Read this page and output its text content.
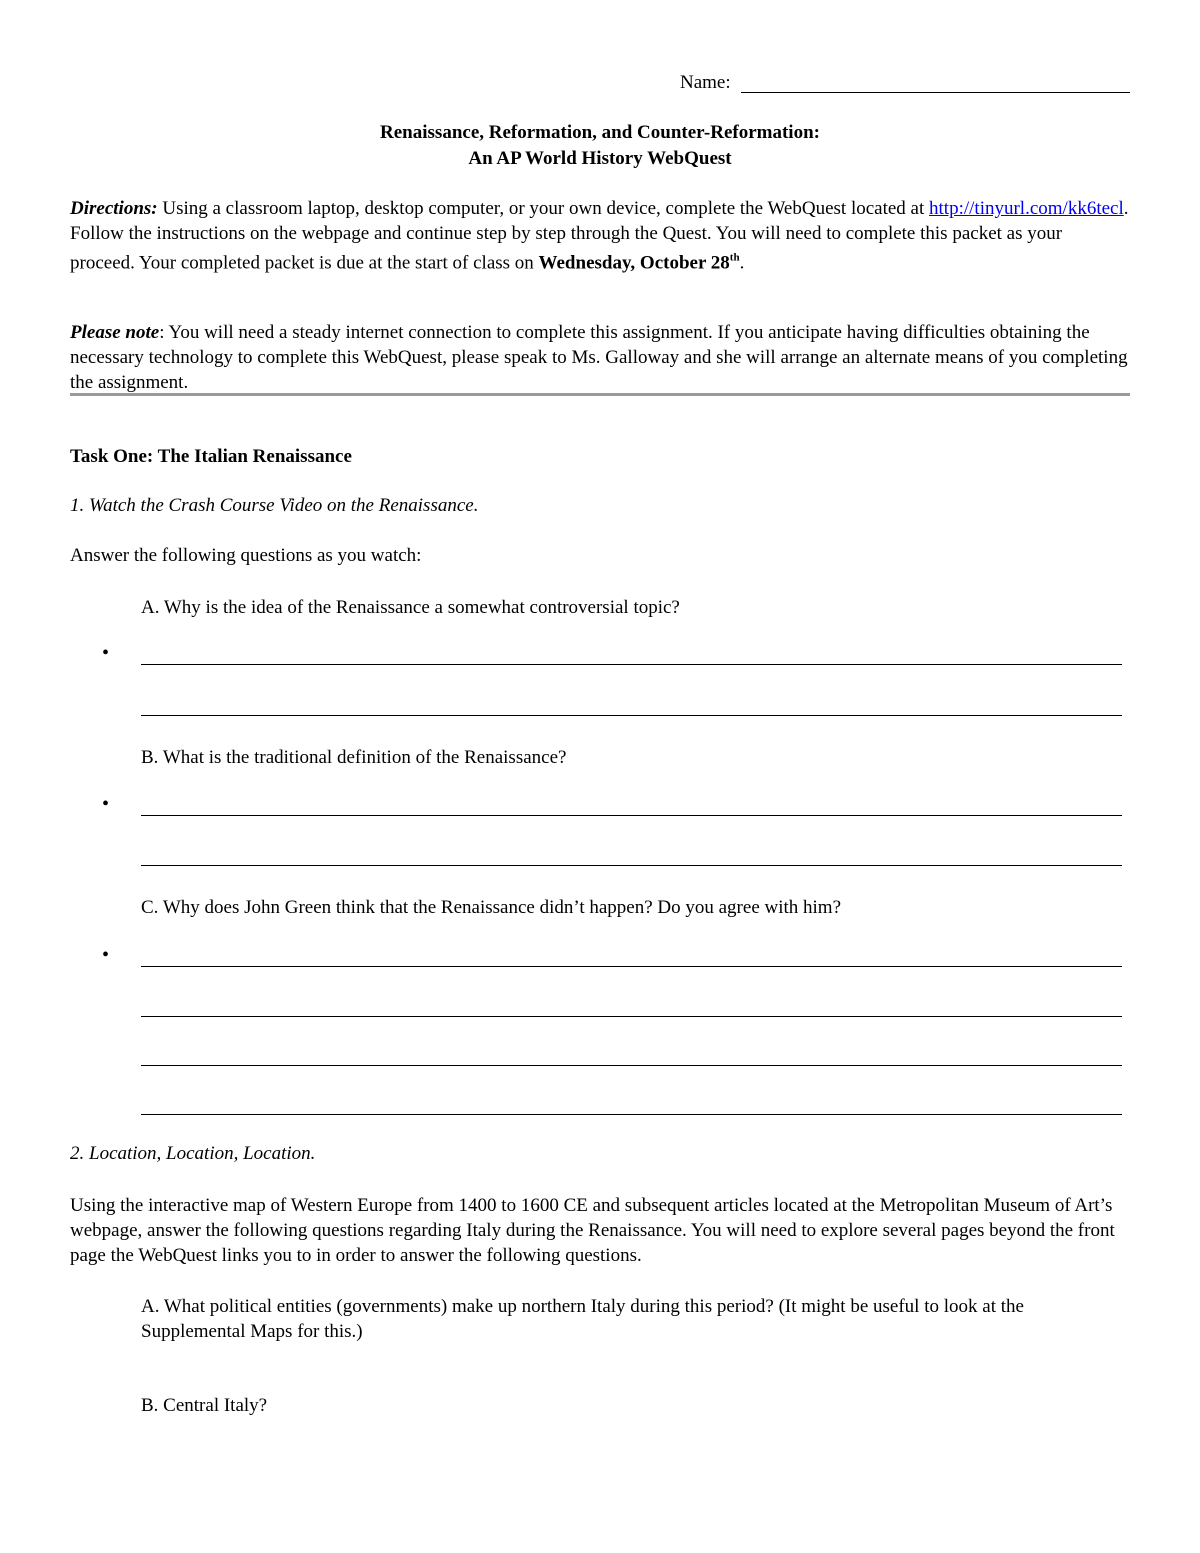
Name:
Renaissance, Reformation, and Counter-Reformation:
An AP World History WebQuest
Directions: Using a classroom laptop, desktop computer, or your own device, complete the WebQuest located at http://tinyurl.com/kk6tecl. Follow the instructions on the webpage and continue step by step through the Quest. You will need to complete this packet as your proceed. Your completed packet is due at the start of class on Wednesday, October 28th.
Please note: You will need a steady internet connection to complete this assignment. If you anticipate having difficulties obtaining the necessary technology to complete this WebQuest, please speak to Ms. Galloway and she will arrange an alternate means of you completing the assignment.
Task One: The Italian Renaissance
1. Watch the Crash Course Video on the Renaissance.
Answer the following questions as you watch:
A. Why is the idea of the Renaissance a somewhat controversial topic?
•
B. What is the traditional definition of the Renaissance?
•
C. Why does John Green think that the Renaissance didn’t happen? Do you agree with him?
•
2. Location, Location, Location.
Using the interactive map of Western Europe from 1400 to 1600 CE and subsequent articles located at the Metropolitan Museum of Art’s webpage, answer the following questions regarding Italy during the Renaissance. You will need to explore several pages beyond the front page the WebQuest links you to in order to answer the following questions.
A. What political entities (governments) make up northern Italy during this period? (It might be useful to look at the Supplemental Maps for this.)
B. Central Italy?
